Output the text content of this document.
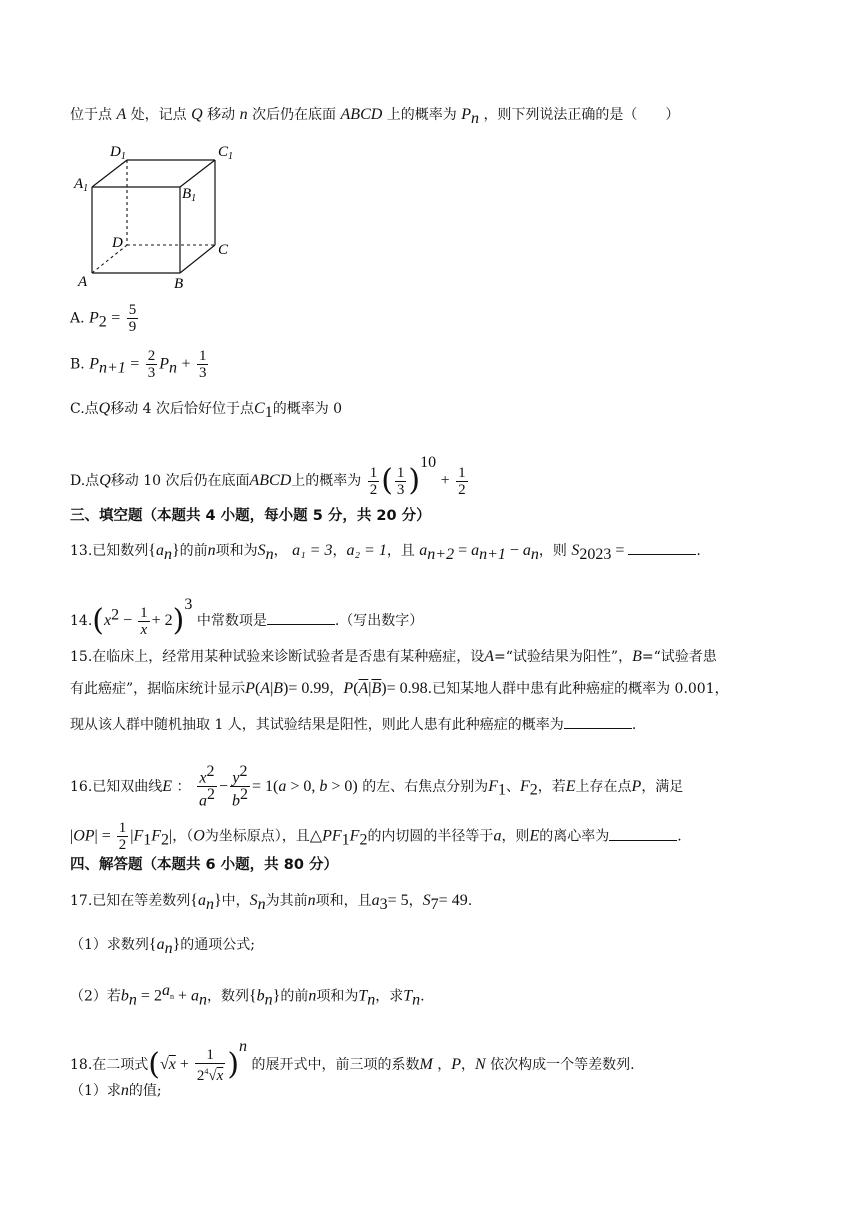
位于点 A 处，记点 Q 移动 n 次后仍在底面 ABCD 上的概率为 $P_n$ ，则下列说法正确的是（　　）
$D_1$	$C_1$
$A_1$	$B_1$
D	C
A	B
A. $P_2 = \frac{5}{9}$
B. $P_{n+1} = \frac{2}{3} P_n + \frac{1}{3}$
C.点Q移动 4 次后恰好位于点$C_1$的概率为 0
D.点Q移动 10 次后仍在底面ABCD上的概率为 $\frac{1}{2}$ ( $\frac{1}{3} )^{10} + \frac{1}{2}$
三、填空题（本题共 4 小题，每小题 5 分，共 20 分）
13.已知数列$\{a_n\}$的前n项和为$S_n$， a₁ = 3，a₂ = 1，且 $a_{n+2} = a_{n+1} - a_n$，则 $S_{2023}$ =	.
$14.(x^2 - \frac{1}{x} + 2)^3$ 中常数项是	.（写出数字）
15.在临床上，经常用某种试验来诊断试验者是否患有某种癌症，设A=“试验结果为阳性”，B=“试验者患
有此癌症”，据临床统计显示P(A|B)= 0.99，$P(\overline{A}|\overline{B})= 0.98$.已知某地人群中患有此种癌症的概率为 0.001，
现从该人群中随机抽取 1 人，其试验结果是阳性，则此人患有此种癌症的概率为	.
16.已知双曲线E ： $\frac{x^2}{a^2} - \frac{y^2}{b^2} = 1(a > 0$, b > 0) 的左、右焦点分别为$F_1$、$F_2$，若E上存在点P，满足
$|OP| = \frac{1}{2} |F_1F_2|$，（O为坐标原点），且$\triangle PF_1F_2$的内切圆的半径等于a，则E的离心率为	.
四、解答题（本题共 6 小题，共 80 分）
17.已知在等差数列$\{a_n\}$中，$S_n$为其前n项和，且$a_3= 5$，$S_7= 49$.
（1）求数列$\{a_n\}$的通项公式;
（2）若$b_n = 2^{a_n} + a_n$，数列$\{b_n\}$的前n项和为$T_n$，求$T_n$.
18.在二项式$(√x + \frac{1}{2^4√x} )^n$ 的展开式中，前三项的系数M ，P，N 依次构成一个等差数列.
（1）求n的值;
